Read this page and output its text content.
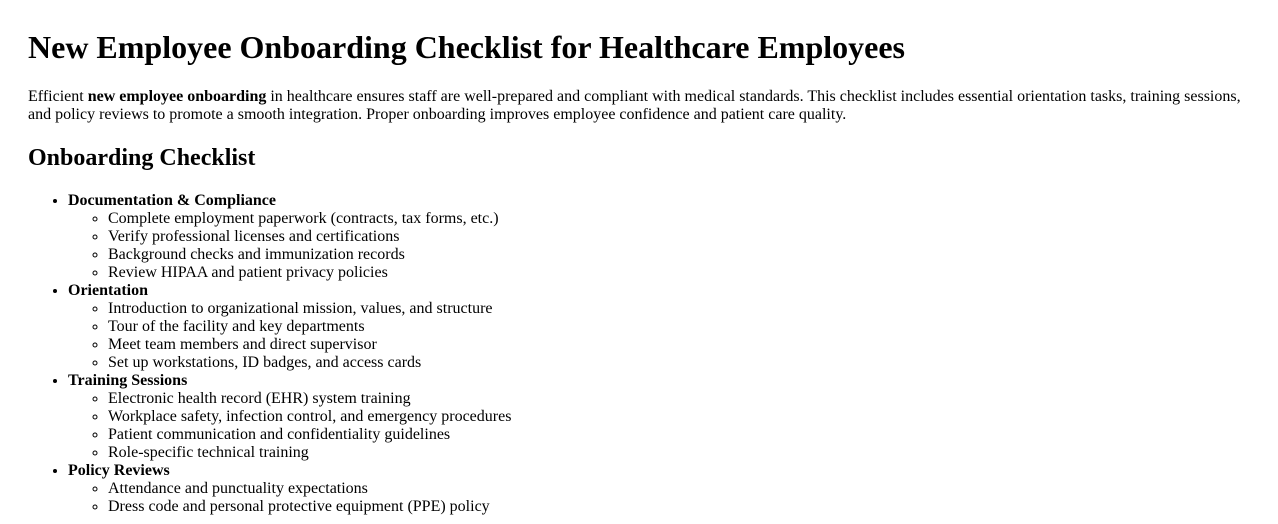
New Employee Onboarding Checklist for Healthcare Employees

Efficient new employee onboarding in healthcare ensures staff are well-prepared and compliant with medical standards. This checklist includes essential orientation tasks, training sessions, and policy reviews to promote a smooth integration. Proper onboarding improves employee confidence and patient care quality.

Onboarding Checklist
• Documentation & Compliance
◦ Complete employment paperwork (contracts, tax forms, etc.)
◦ Verify professional licenses and certifications
◦ Background checks and immunization records
◦ Review HIPAA and patient privacy policies
• Orientation
◦ Introduction to organizational mission, values, and structure
◦ Tour of the facility and key departments
◦ Meet team members and direct supervisor
◦ Set up workstations, ID badges, and access cards
• Training Sessions
◦ Electronic health record (EHR) system training
◦ Workplace safety, infection control, and emergency procedures
◦ Patient communication and confidentiality guidelines
◦ Role-specific technical training
• Policy Reviews
◦ Attendance and punctuality expectations
◦ Dress code and personal protective equipment (PPE) policy
